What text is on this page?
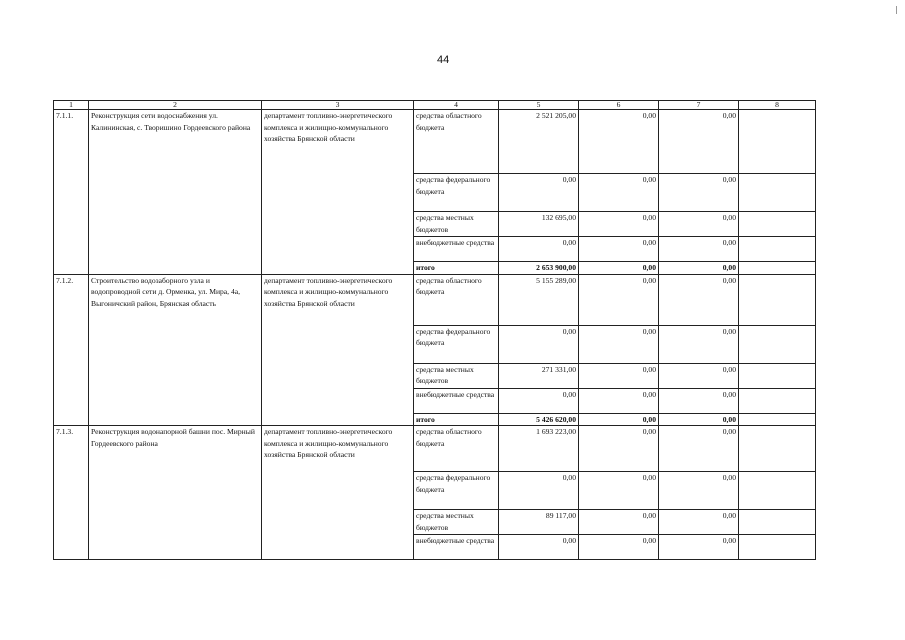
44
1	2	3	4	5	6	7	8
7.1.1.	Реконструкция сети водоснабжения ул. Калининская, с. Творишино Гордеевского района	департамент топливно-энергетического комплекса и жилищно-коммунального хозяйства Брянской области	средства областного бюджета	2 521 205,00	0,00	0,00	
			средства федерального бюджета	0,00	0,00	0,00	
			средства местных бюджетов	132 695,00	0,00	0,00	
			внебюджетные средства	0,00	0,00	0,00	
			итого	2 653 900,00	0,00	0,00	
7.1.2.	Строительство водозаборного узла и водопроводной сети д. Орменка, ул. Мира, 4а, Выгоничский район, Брянская область	департамент топливно-энергетического комплекса и жилищно-коммунального хозяйства Брянской области	средства областного бюджета	5 155 289,00	0,00	0,00	
			средства федерального бюджета	0,00	0,00	0,00	
			средства местных бюджетов	271 331,00	0,00	0,00	
			внебюджетные средства	0,00	0,00	0,00	
			итого	5 426 620,00	0,00	0,00	
7.1.3.	Реконструкция водонапорной башни пос. Мирный Гордеевского района	департамент топливно-энергетического комплекса и жилищно-коммунального хозяйства Брянской области	средства областного бюджета	1 693 223,00	0,00	0,00	
			средства федерального бюджета	0,00	0,00	0,00	
			средства местных бюджетов	89 117,00	0,00	0,00	
			внебюджетные средства	0,00	0,00	0,00	
